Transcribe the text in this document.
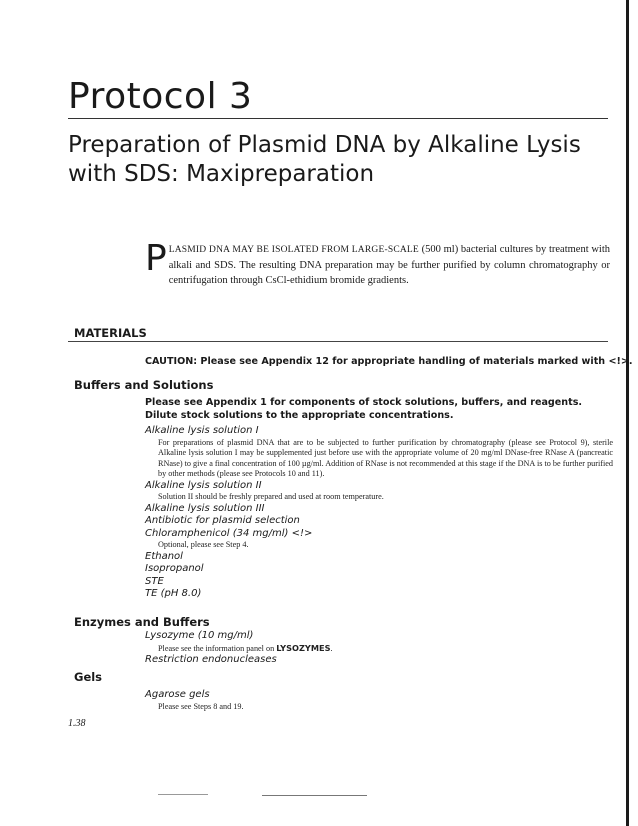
Protocol 3
Preparation of Plasmid DNA by Alkaline Lysis with SDS: Maxipreparation
PLASMID DNA MAY BE ISOLATED FROM LARGE-SCALE (500 ml) bacterial cultures by treatment with alkali and SDS. The resulting DNA preparation may be further purified by column chromatography or centrifugation through CsCl-ethidium bromide gradients.
MATERIALS
CAUTION: Please see Appendix 12 for appropriate handling of materials marked with <!>.
Buffers and Solutions
Please see Appendix 1 for components of stock solutions, buffers, and reagents. Dilute stock solutions to the appropriate concentrations.
Alkaline lysis solution I
For preparations of plasmid DNA that are to be subjected to further purification by chromatography (please see Protocol 9), sterile Alkaline lysis solution I may be supplemented just before use with the appropriate volume of 20 mg/ml DNase-free RNase A (pancreatic RNase) to give a final concentration of 100 µg/ml. Addition of RNase is not recommended at this stage if the DNA is to be further purified by other methods (please see Protocols 10 and 11).
Alkaline lysis solution II
Solution II should be freshly prepared and used at room temperature.
Alkaline lysis solution III
Antibiotic for plasmid selection
Chloramphenicol (34 mg/ml) <!>
Optional, please see Step 4.
Ethanol
Isopropanol
STE
TE (pH 8.0)
Enzymes and Buffers
Lysozyme (10 mg/ml)
Please see the information panel on LYSOZYMES.
Restriction endonucleases
Gels
Agarose gels
Please see Steps 8 and 19.
1.38
